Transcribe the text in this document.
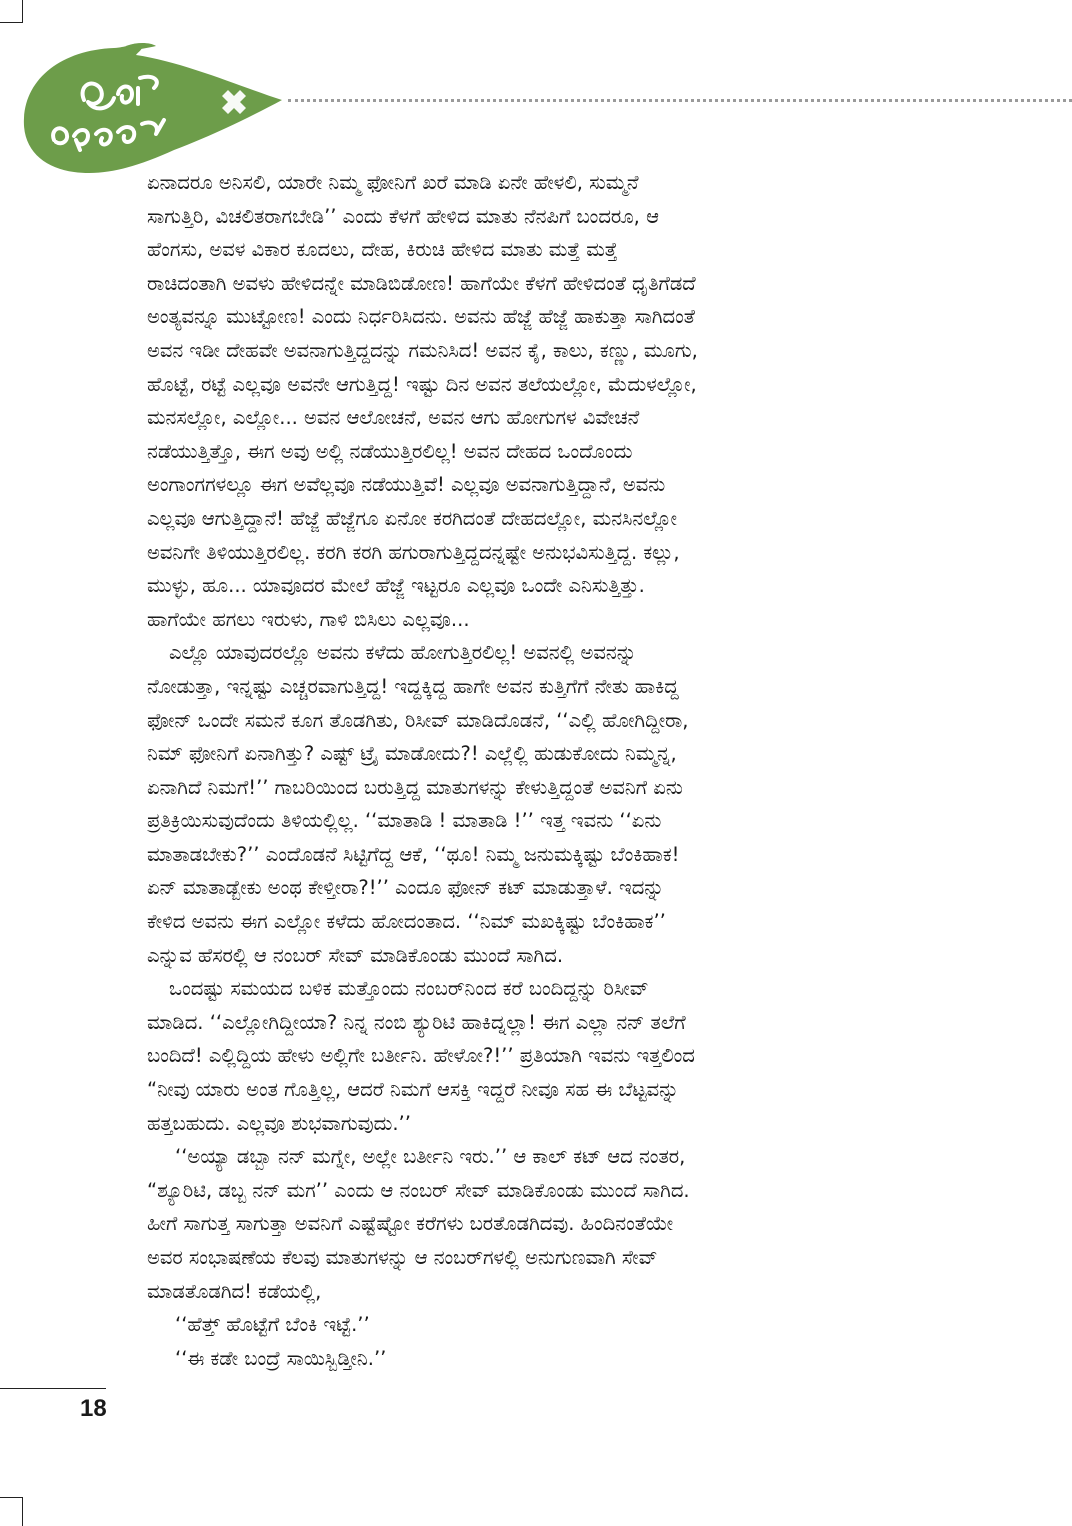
ಏನಾದರೂ ಅನಿಸಲಿ, ಯಾರೇ ನಿಮ್ಮ ಫೋನಿಗೆ ಖರೆ ಮಾಡಿ ಏನೇ ಹೇಳಲಿ, ಸುಮ್ಮನೆ
ಸಾಗುತ್ತಿರಿ, ವಿಚಲಿತರಾಗಬೇಡಿ’’ ಎಂದು ಕೆಳಗೆ ಹೇಳಿದ ಮಾತು ನೆನಪಿಗೆ ಬಂದರೂ, ಆ
ಹೆಂಗಸು, ಅವಳ ವಿಕಾರ ಕೂದಲು, ದೇಹ, ಕಿರುಚಿ ಹೇಳಿದ ಮಾತು ಮತ್ತೆ ಮತ್ತೆ
ರಾಚಿದಂತಾಗಿ ಅವಳು ಹೇಳಿದನ್ನೇ ಮಾಡಿಬಿಡೋಣ! ಹಾಗೆಯೇ ಕೆಳಗೆ ಹೇಳಿದಂತೆ ಧೃತಿಗೆಡದೆ
ಅಂತ್ಯವನ್ನೂ ಮುಟ್ಟೋಣ! ಎಂದು ನಿರ್ಧರಿಸಿದನು. ಅವನು ಹೆಜ್ಜೆ ಹೆಜ್ಜೆ ಹಾಕುತ್ತಾ ಸಾಗಿದಂತೆ
ಅವನ ಇಡೀ ದೇಹವೇ ಅವನಾಗುತ್ತಿದ್ದದನ್ನು ಗಮನಿಸಿದ! ಅವನ ಕೈ, ಕಾಲು, ಕಣ್ಣು, ಮೂಗು,
ಹೊಟ್ಟೆ, ರಟ್ಟೆ ಎಲ್ಲವೂ ಅವನೇ ಆಗುತ್ತಿದ್ದ! ಇಷ್ಟು ದಿನ ಅವನ ತಲೆಯಲ್ಲೋ, ಮೆದುಳಲ್ಲೋ,
ಮನಸಲ್ಲೋ, ಎಲ್ಲೋ... ಅವನ ಆಲೋಚನೆ, ಅವನ ಆಗು ಹೋಗುಗಳ ವಿವೇಚನೆ
ನಡೆಯುತ್ತಿತ್ತೊ, ಈಗ ಅವು ಅಲ್ಲಿ ನಡೆಯುತ್ತಿರಲಿಲ್ಲ! ಅವನ ದೇಹದ ಒಂದೊಂದು
ಅಂಗಾಂಗಗಳಲ್ಲೂ ಈಗ ಅವೆಲ್ಲವೂ ನಡೆಯುತ್ತಿವೆ! ಎಲ್ಲವೂ ಅವನಾಗುತ್ತಿದ್ದಾನೆ, ಅವನು
ಎಲ್ಲವೂ ಆಗುತ್ತಿದ್ದಾನೆ! ಹೆಜ್ಜೆ ಹೆಜ್ಜೆಗೂ ಏನೋ ಕರಗಿದಂತೆ ದೇಹದಲ್ಲೋ, ಮನಸಿನಲ್ಲೋ
ಅವನಿಗೇ ತಿಳಿಯುತ್ತಿರಲಿಲ್ಲ. ಕರಗಿ ಕರಗಿ ಹಗುರಾಗುತ್ತಿದ್ದದನ್ನಷ್ಟೇ ಅನುಭವಿಸುತ್ತಿದ್ದ. ಕಲ್ಲು,
ಮುಳ್ಳು, ಹೂ... ಯಾವೂದರ ಮೇಲೆ ಹೆಜ್ಜೆ ಇಟ್ಟರೂ ಎಲ್ಲವೂ ಒಂದೇ ಎನಿಸುತ್ತಿತ್ತು.
ಹಾಗೆಯೇ ಹಗಲು ಇರುಳು, ಗಾಳಿ ಬಿಸಿಲು ಎಲ್ಲವೂ...
ಎಲ್ಲೊ ಯಾವುದರಲ್ಲೊ ಅವನು ಕಳೆದು ಹೋಗುತ್ತಿರಲಿಲ್ಲ! ಅವನಲ್ಲಿ ಅವನನ್ನು
ನೋಡುತ್ತಾ, ಇನ್ನಷ್ಟು ಎಚ್ಚರವಾಗುತ್ತಿದ್ದ! ಇದ್ದಕ್ಕಿದ್ದ ಹಾಗೇ ಅವನ ಕುತ್ತಿಗೆಗೆ ನೇತು ಹಾಕಿದ್ದ
ಫೋನ್ ಒಂದೇ ಸಮನೆ ಕೂಗ ತೊಡಗಿತು, ರಿಸೀವ್ ಮಾಡಿದೊಡನೆ, ‘‘ಎಲ್ಲಿ ಹೋಗಿದ್ದೀರಾ,
ನಿಮ್ ಫೋನಿಗೆ ಏನಾಗಿತ್ತು? ಎಷ್ಟ್ ಟ್ರೈ ಮಾಡೋದು?! ಎಲ್ಲೆಲ್ಲಿ ಹುಡುಕೋದು ನಿಮ್ಮನ್ನ,
ಏನಾಗಿದೆ ನಿಮಗೆ!’’ ಗಾಬರಿಯಿಂದ ಬರುತ್ತಿದ್ದ ಮಾತುಗಳನ್ನು ಕೇಳುತ್ತಿದ್ದಂತೆ ಅವನಿಗೆ ಏನು
ಪ್ರತಿಕ್ರಿಯಿಸುವುದೆಂದು ತಿಳಿಯಲ್ಲಿಲ್ಲ. ‘‘ಮಾತಾಡಿ ! ಮಾತಾಡಿ !’’ ಇತ್ತ ಇವನು ‘‘ಏನು
ಮಾತಾಡಬೇಕು?’’ ಎಂದೊಡನೆ ಸಿಟ್ಟಿಗೆದ್ದ ಆಕೆ, ‘‘ಥೂ! ನಿಮ್ಮ ಜನುಮಕ್ಕಿಷ್ಟು ಬೆಂಕಿಹಾಕ!
ಏನ್ ಮಾತಾಡ್ಬೇಕು ಅಂಥ ಕೇಳ್ತೀರಾ?!’’ ಎಂದೂ ಫೋನ್ ಕಟ್ ಮಾಡುತ್ತಾಳೆ. ಇದನ್ನು
ಕೇಳಿದ ಅವನು ಈಗ ಎಲ್ಲೋ ಕಳೆದು ಹೋದಂತಾದ. ‘‘ನಿಮ್ ಮಖಕ್ಕಿಷ್ಟು ಬೆಂಕಿಹಾಕ’’
ಎನ್ನುವ ಹೆಸರಲ್ಲಿ ಆ ನಂಬರ್ ಸೇವ್ ಮಾಡಿಕೊಂಡು ಮುಂದೆ ಸಾಗಿದ.
ಒಂದಷ್ಟು ಸಮಯದ ಬಳಿಕ ಮತ್ತೊಂದು ನಂಬರ್‌ನಿಂದ ಕರೆ ಬಂದಿದ್ದನ್ನು ರಿಸೀವ್
ಮಾಡಿದ. ‘‘ಎಲ್ಲೋಗಿದ್ದೀಯಾ? ನಿನ್ನ ನಂಬಿ ಶ್ಯುರಿಟಿ ಹಾಕಿದ್ನಲ್ಲಾ! ಈಗ ಎಲ್ಲಾ ನನ್ ತಲೆಗೆ
ಬಂದಿದೆ! ಎಲ್ಲಿದ್ದಿಯ ಹೇಳು ಅಲ್ಲಿಗೇ ಬರ್ತೀನಿ. ಹೇಳೋ?!’’ ಪ್ರತಿಯಾಗಿ ಇವನು ಇತ್ತಲಿಂದ
“ನೀವು ಯಾರು ಅಂತ ಗೊತ್ತಿಲ್ಲ, ಆದರೆ ನಿಮಗೆ ಆಸಕ್ತಿ ಇದ್ದರೆ ನೀವೂ ಸಹ ಈ ಬೆಟ್ಟವನ್ನು
ಹತ್ತಬಹುದು. ಎಲ್ಲವೂ ಶುಭವಾಗುವುದು.’’
‘‘ಅಯ್ಯಾ ಡಬ್ಬಾ ನನ್ ಮಗ್ನೇ, ಅಲ್ಲೇ ಬರ್ತೀನಿ ಇರು.’’ ಆ ಕಾಲ್ ಕಟ್ ಆದ ನಂತರ,
“ಶ್ಯೂರಿಟಿ, ಡಬ್ಬ ನನ್ ಮಗ’’ ಎಂದು ಆ ನಂಬರ್ ಸೇವ್ ಮಾಡಿಕೊಂಡು ಮುಂದೆ ಸಾಗಿದ.
ಹೀಗೆ ಸಾಗುತ್ತ ಸಾಗುತ್ತಾ ಅವನಿಗೆ ಎಷ್ಟೆಷ್ಟೋ ಕರೆಗಳು ಬರತೊಡಗಿದವು. ಹಿಂದಿನಂತೆಯೇ
ಅವರ ಸಂಭಾಷಣೆಯ ಕೆಲವು ಮಾತುಗಳನ್ನು ಆ ನಂಬರ್‌ಗಳಲ್ಲಿ ಅನುಗುಣವಾಗಿ ಸೇವ್
ಮಾಡತೊಡಗಿದ! ಕಡೆಯಲ್ಲಿ,
‘‘ಹೆತ್ತ್ ಹೊಟ್ಟೆಗೆ ಬೆಂಕಿ ಇಟ್ಟೆ.’’
‘‘ಈ ಕಡೇ ಬಂದ್ರೆ ಸಾಯಿಸ್ಬಿಡ್ತೀನಿ.’’
18
